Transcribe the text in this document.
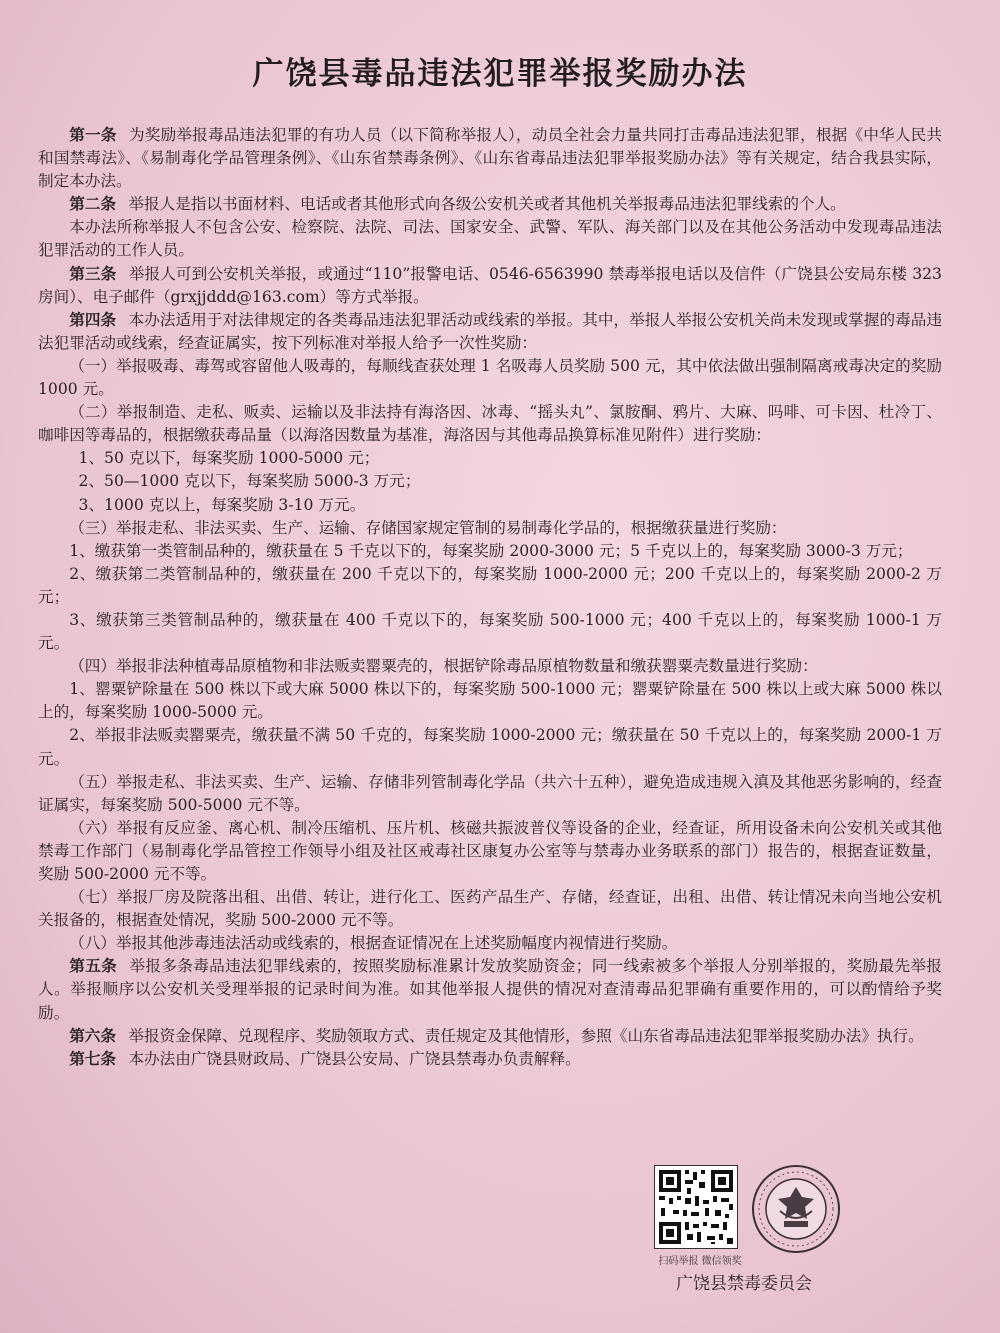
广饶县毒品违法犯罪举报奖励办法

第一条 为奖励举报毒品违法犯罪的有功人员（以下简称举报人），动员全社会力量共同打击毒品违法犯罪，根据《中华人民共和国禁毒法》、《易制毒化学品管理条例》、《山东省禁毒条例》、《山东省毒品违法犯罪举报奖励办法》等有关规定，结合我县实际，制定本办法。

第二条 举报人是指以书面材料、电话或者其他形式向各级公安机关或者其他机关举报毒品违法犯罪线索的个人。

本办法所称举报人不包含公安、检察院、法院、司法、国家安全、武警、军队、海关部门以及在其他公务活动中发现毒品违法犯罪活动的工作人员。

第三条 举报人可到公安机关举报，或通过“110”报警电话、0546-6563990 禁毒举报电话以及信件（广饶县公安局东楼 323 房间）、电子邮件（grxjjddd@163.com）等方式举报。

第四条 本办法适用于对法律规定的各类毒品违法犯罪活动或线索的举报。其中，举报人举报公安机关尚未发现或掌握的毒品违法犯罪活动或线索，经查证属实，按下列标准对举报人给予一次性奖励：

（一）举报吸毒、毒驾或容留他人吸毒的，每顺线查获处理 1 名吸毒人员奖励 500 元，其中依法做出强制隔离戒毒决定的奖励 1000 元。

（二）举报制造、走私、贩卖、运输以及非法持有海洛因、冰毒、“摇头丸”、氯胺酮、鸦片、大麻、吗啡、可卡因、杜冷丁、咖啡因等毒品的，根据缴获毒品量（以海洛因数量为基准，海洛因与其他毒品换算标准见附件）进行奖励：

1、50 克以下，每案奖励 1000-5000 元；

2、50—1000 克以下，每案奖励 5000-3 万元；

3、1000 克以上，每案奖励 3-10 万元。

（三）举报走私、非法买卖、生产、运输、存储国家规定管制的易制毒化学品的，根据缴获量进行奖励：

1、缴获第一类管制品种的，缴获量在 5 千克以下的，每案奖励 2000-3000 元；5 千克以上的，每案奖励 3000-3 万元；

2、缴获第二类管制品种的，缴获量在 200 千克以下的，每案奖励 1000-2000 元；200 千克以上的，每案奖励 2000-2 万元；

3、缴获第三类管制品种的，缴获量在 400 千克以下的，每案奖励 500-1000 元；400 千克以上的，每案奖励 1000-1 万元。

（四）举报非法种植毒品原植物和非法贩卖罂粟壳的，根据铲除毒品原植物数量和缴获罂粟壳数量进行奖励：

1、罂粟铲除量在 500 株以下或大麻 5000 株以下的，每案奖励 500-1000 元；罂粟铲除量在 500 株以上或大麻 5000 株以上的，每案奖励 1000-5000 元。

2、举报非法贩卖罂粟壳，缴获量不满 50 千克的，每案奖励 1000-2000 元；缴获量在 50 千克以上的，每案奖励 2000-1 万元。

（五）举报走私、非法买卖、生产、运输、存储非列管制毒化学品（共六十五种），避免造成违规入滇及其他恶劣影响的，经查证属实，每案奖励 500-5000 元不等。

（六）举报有反应釜、离心机、制冷压缩机、压片机、核磁共振波普仪等设备的企业，经查证，所用设备未向公安机关或其他禁毒工作部门（易制毒化学品管控工作领导小组及社区戒毒社区康复办公室等与禁毒办业务联系的部门）报告的，根据查证数量，奖励 500-2000 元不等。

（七）举报厂房及院落出租、出借、转让，进行化工、医药产品生产、存储，经查证，出租、出借、转让情况未向当地公安机关报备的，根据查处情况，奖励 500-2000 元不等。

（八）举报其他涉毒违法活动或线索的，根据查证情况在上述奖励幅度内视情进行奖励。

第五条 举报多条毒品违法犯罪线索的，按照奖励标准累计发放奖励资金；同一线索被多个举报人分别举报的，奖励最先举报人。举报顺序以公安机关受理举报的记录时间为准。如其他举报人提供的情况对查清毒品犯罪确有重要作用的，可以酌情给予奖励。

第六条 举报资金保障、兑现程序、奖励领取方式、责任规定及其他情形，参照《山东省毒品违法犯罪举报奖励办法》执行。

第七条 本办法由广饶县财政局、广饶县公安局、广饶县禁毒办负责解释。

扫码举报 微信领奖
广饶县禁毒委员会
